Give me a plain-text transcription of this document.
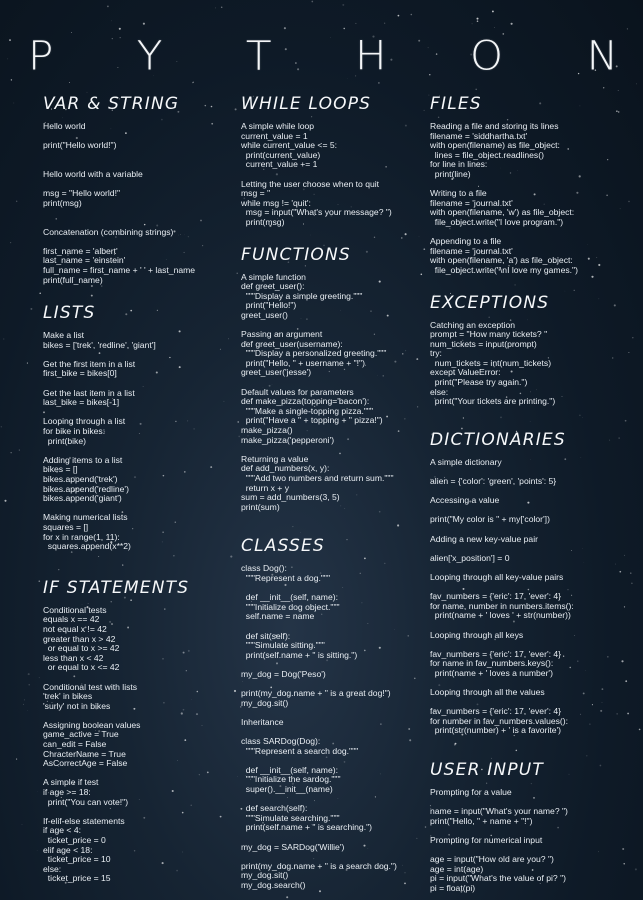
P Y T H O N
VAR & STRING
Hello world
print("Hello world!")
Hello world with a variable
msg = "Hello world!"
print(msg)
Concatenation (combining strings)
first_name = 'albert'
last_name = 'einstein'
full_name = first_name + ' ' + last_name
print(full_name)
LISTS
Make a list
bikes = ['trek', 'redline', 'giant']
Get the first item in a list
first_bike = bikes[0]
Get the last item in a list
last_bike = bikes[-1]
Looping through a list
for bike in bikes:
print(bike)
Adding items to a list
bikes = []
bikes.append('trek')
bikes.append('redline')
bikes.append('giant')
Making numerical lists
squares = []
for x in range(1, 11):
squares.append(x**2)
IF STATEMENTS
Conditional tests
equals x == 42
not equal x != 42
greater than x > 42
or equal to x >= 42
less than x < 42
or equal to x <= 42
Conditional test with lists
'trek' in bikes
'surly' not in bikes
Assigning boolean values
game_active = True
can_edit = False
ChracterName = True
AsCorrectAge = False
A simple if test
if age >= 18:
print("You can vote!")
If-elif-else statements
if age < 4:
ticket_price = 0
elif age < 18:
ticket_price = 10
else:
ticket_price = 15
WHILE LOOPS
A simple while loop
current_value = 1
while current_value <= 5:
print(current_value)
current_value += 1
Letting the user choose when to quit
msg = ''
while msg != 'quit':
msg = input("What's your message? ")
print(msg)
FUNCTIONS
A simple function
def greet_user():
"""Display a simple greeting."""
print("Hello!")
greet_user()
Passing an argument
def greet_user(username):
"""Display a personalized greeting."""
print("Hello, " + username + "!")
greet_user('jesse')
Default values for parameters
def make_pizza(topping='bacon'):
"""Make a single-topping pizza."""
print("Have a " + topping + " pizza!")
make_pizza()
make_pizza('pepperoni')
Returning a value
def add_numbers(x, y):
"""Add two numbers and return sum."""
return x + y
sum = add_numbers(3, 5)
print(sum)
CLASSES
class Dog():
"""Represent a dog."""
def __init__(self, name):
"""Initialize dog object."""
self.name = name
def sit(self):
"""Simulate sitting."""
print(self.name + " is sitting.")
my_dog = Dog('Peso')
print(my_dog.name + " is a great dog!")
my_dog.sit()
Inheritance
class SARDog(Dog):
"""Represent a search dog."""
def __init__(self, name):
"""Initialize the sardog."""
super().__init__(name)
def search(self):
"""Simulate searching."""
print(self.name + " is searching.")
my_dog = SARDog('Willie')
print(my_dog.name + " is a search dog.")
my_dog.sit()
my_dog.search()
FILES
Reading a file and storing its lines
filename = 'siddhartha.txt'
with open(filename) as file_object:
lines = file_object.readlines()
for line in lines:
print(line)
Writing to a file
filename = 'journal.txt'
with open(filename, 'w') as file_object:
file_object.write("I love program.")
Appending to a file
filename = 'journal.txt'
with open(filename, 'a') as file_object:
file_object.write("\nI love my games.")
EXCEPTIONS
Catching an exception
prompt = "How many tickets? "
num_tickets = input(prompt)
try:
num_tickets = int(num_tickets)
except ValueError:
print("Please try again.")
else:
print("Your tickets are printing.")
DICTIONARIES
A simple dictionary
alien = {'color': 'green', 'points': 5}
Accessing a value
print("My color is " + my['color'])
Adding a new key-value pair
alien['x_position'] = 0
Looping through all key-value pairs
fav_numbers = {'eric': 17, 'ever': 4}
for name, number in numbers.items():
print(name + ' loves ' + str(number))
Looping through all keys
fav_numbers = {'eric': 17, 'ever': 4}
for name in fav_numbers.keys():
print(name + ' loves a number')
Looping through all the values
fav_numbers = {'eric': 17, 'ever': 4}
for number in fav_numbers.values():
print(str(number) + ' is a favorite')
USER INPUT
Prompting for a value
name = input("What's your name? ")
print("Hello, " + name + "!")
Prompting for numerical input
age = input("How old are you? ")
age = int(age)
pi = input("What's the value of pi? ")
pi = float(pi)
